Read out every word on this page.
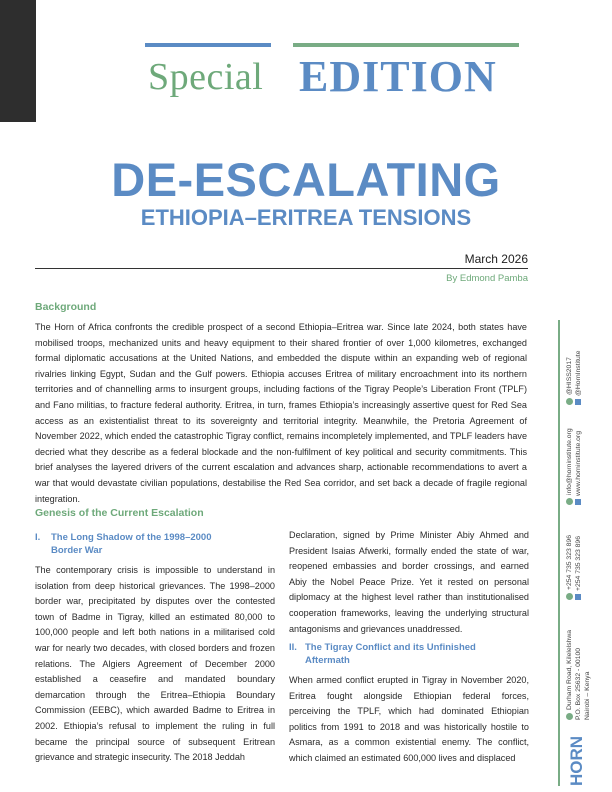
Special EDITION
DE-ESCALATING
ETHIOPIA–ERITREA TENSIONS
March 2026
By Edmond Pamba
Background

The Horn of Africa confronts the credible prospect of a second Ethiopia–Eritrea war. Since late 2024, both states have mobilised troops, mechanized units and heavy equipment to their shared frontier of over 1,000 kilometres, exchanged formal diplomatic accusations at the United Nations, and embedded the dispute within an expanding web of regional rivalries linking Egypt, Sudan and the Gulf powers. Ethiopia accuses Eritrea of military encroachment into its northern territories and of channelling arms to insurgent groups, including factions of the Tigray People’s Liberation Front (TPLF) and Fano militias, to fracture federal authority. Eritrea, in turn, frames Ethiopia’s increasingly assertive quest for Red Sea access as an existentialist threat to its sovereignty and territorial integrity. Meanwhile, the Pretoria Agreement of November 2022, which ended the catastrophic Tigray conflict, remains incompletely implemented, and TPLF leaders have decried what they describe as a federal blockade and the non-fulfilment of key political and security commitments. This brief analyses the layered drivers of the current escalation and advances sharp, actionable recommendations to avert a war that would devastate civilian populations, destabilise the Red Sea corridor, and set back a decade of fragile regional integration.

Genesis of the Current Escalation
I. The Long Shadow of the 1998–2000
Border War

The contemporary crisis is impossible to understand in isolation from deep historical grievances. The 1998–2000 border war, precipitated by disputes over the contested town of Badme in Tigray, killed an estimated 80,000 to 100,000 people and left both nations in a militarised cold war for nearly two decades, with closed borders and frozen relations. The Algiers Agreement of December 2000 established a ceasefire and mandated boundary demarcation through the Eritrea–Ethiopia Boundary Commission (EEBC), which awarded Badme to Eritrea in 2002. Ethiopia’s refusal to implement the ruling in full became the principal source of subsequent Eritrean grievance and strategic insecurity. The 2018 Jeddah

Declaration, signed by Prime Minister Abiy Ahmed and President Isaias Afwerki, formally ended the state of war, reopened embassies and border crossings, and earned Abiy the Nobel Peace Prize. Yet it rested on personal diplomacy at the highest level rather than institutionalised cooperation frameworks, leaving the underlying structural antagonisms and grievances unaddressed.

II. The Tigray Conflict and its Unfinished
Aftermath

When armed conflict erupted in Tigray in November 2020, Eritrea fought alongside Ethiopian federal forces, perceiving the TPLF, which had dominated Ethiopian politics from 1991 to 2018 and was historically hostile to Asmara, as a common existential enemy. The conflict, which claimed an estimated 600,000 lives and displaced

Durham Road, Kilelelshwa P.O. Box 25632 - 00100 Nairobi – Kenya
+254 735 323 896 +254 735 323 896
info@horninstitute.org www.horninstitute.org
@HISS2017 @HornInstitute
HORN
